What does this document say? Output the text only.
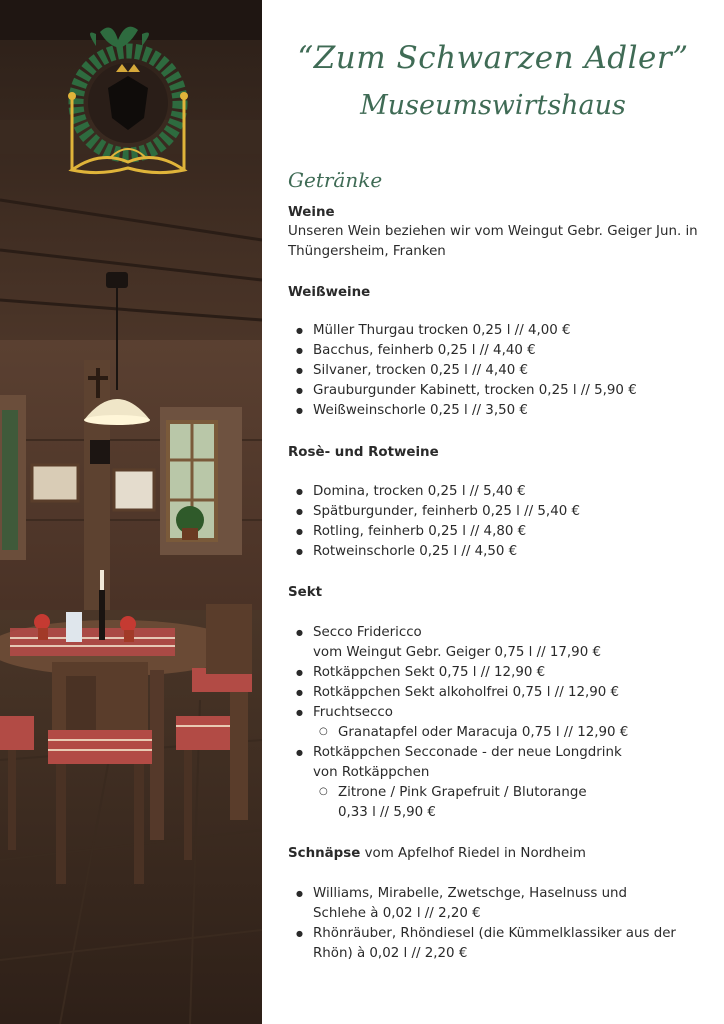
“Zum Schwarzen Adler”
Museumswirtshaus
Getränke
Weine
Unseren Wein beziehen wir vom Weingut Gebr. Geiger Jun. in Thüngersheim, Franken
Weißweine
● Müller Thurgau trocken 0,25 l // 4,00 €
● Bacchus, feinherb 0,25 l // 4,40 €
● Silvaner, trocken 0,25 l // 4,40 €
● Grauburgunder Kabinett, trocken 0,25 l // 5,90 €
● Weißweinschorle 0,25 l // 3,50 €
Rosè- und Rotweine
● Domina, trocken 0,25 l // 5,40 €
● Spätburgunder, feinherb 0,25 l // 5,40 €
● Rotling, feinherb 0,25 l // 4,80 €
● Rotweinschorle 0,25 l // 4,50 €
Sekt
● Secco Fridericco
vom Weingut Gebr. Geiger 0,75 l // 17,90 €
● Rotkäppchen Sekt 0,75 l // 12,90 €
● Rotkäppchen Sekt alkoholfrei 0,75 l // 12,90 €
● Fruchtsecco
○ Granatapfel oder Maracuja 0,75 l // 12,90 €
● Rotkäppchen Secconade - der neue Longdrink
von Rotkäppchen
○ Zitrone / Pink Grapefruit / Blutorange
0,33 l // 5,90 €
Schnäpse vom Apfelhof Riedel in Nordheim
● Williams, Mirabelle, Zwetschge, Haselnuss und
Schlehe à 0,02 l // 2,20 €
● Rhönräuber, Rhöndiesel (die Kümmelklassiker aus der
Rhön) à 0,02 l // 2,20 €
